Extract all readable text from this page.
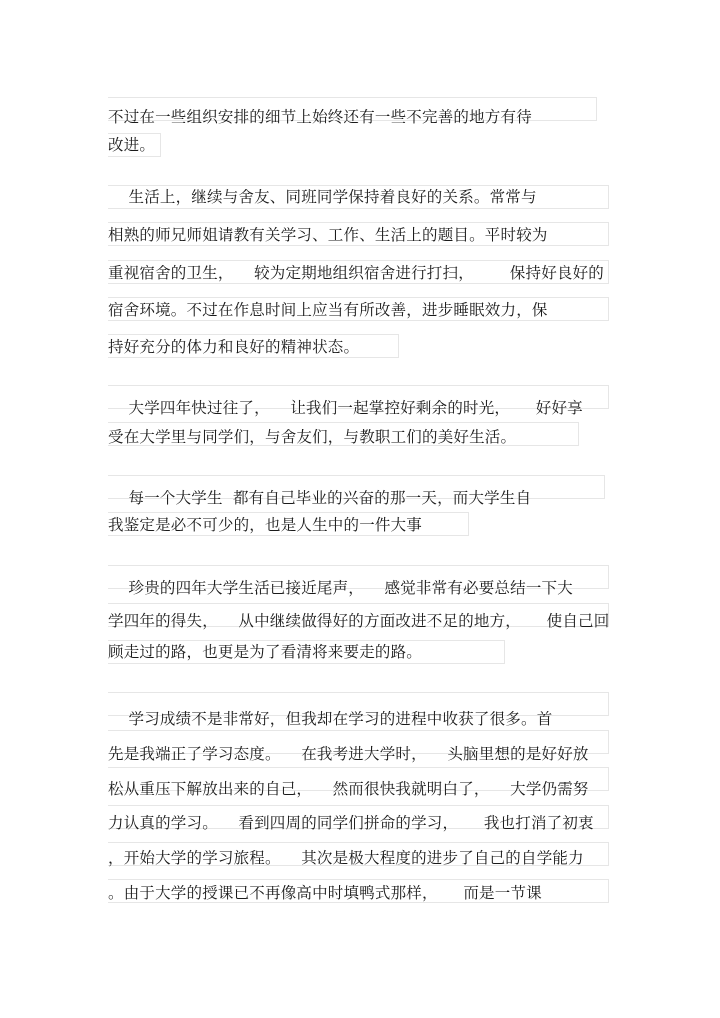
不过在一些组织安排的细节上始终还有一些不完善的地方有待
改进。
生活上，继续与舍友、同班同学保持着良好的关系。常常与
相熟的师兄师姐请教有关学习、工作、生活上的题目。平时较为
重视宿舍的卫生，    较为定期地组织宿舍进行打扫，       保持好良好的
宿舍环境。不过在作息时间上应当有所改善，进步睡眠效力，保
持好充分的体力和良好的精神状态。
大学四年快过往了，    让我们一起掌控好剩余的时光，     好好享
受在大学里与同学们，与舍友们，与教职工们的美好生活。
每一个大学生  都有自己毕业的兴奋的那一天，而大学生自
我鉴定是必不可少的，也是人生中的一件大事
珍贵的四年大学生活已接近尾声，    感觉非常有必要总结一下大
学四年的得失，    从中继续做得好的方面改进不足的地方，     使自己回
顾走过的路，也更是为了看清将来要走的路。
学习成绩不是非常好，但我却在学习的进程中收获了很多。首
先是我端正了学习态度。    在我考进大学时，    头脑里想的是好好放
松从重压下解放出来的自己，    然而很快我就明白了，    大学仍需努
力认真的学习。    看到四周的同学们拼命的学习，     我也打消了初衷
，开始大学的学习旅程。    其次是极大程度的进步了自己的自学能力
。由于大学的授课已不再像高中时填鸭式那样，     而是一节课
